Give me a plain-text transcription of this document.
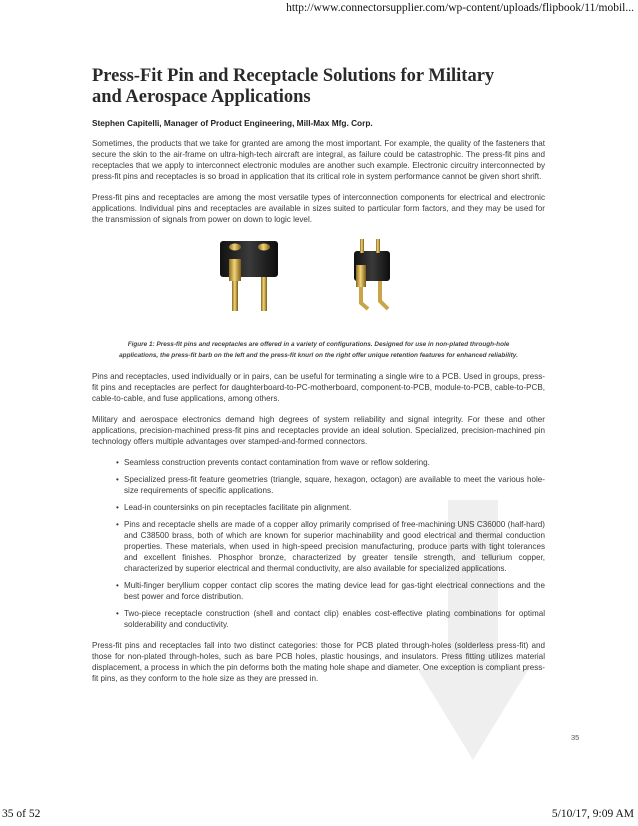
http://www.connectorsupplier.com/wp-content/uploads/flipbook/11/mobil...
Press-Fit Pin and Receptacle Solutions for Military
and Aerospace Applications
Stephen Capitelli, Manager of Product Engineering, Mill-Max Mfg. Corp.

Sometimes, the products that we take for granted are among the most important. For example, the quality of the fasteners that secure the skin to the air-frame on ultra-high-tech aircraft are integral, as failure could be catastrophic. The press-fit pins and receptacles that we apply to interconnect electronic modules are another such example. Electronic circuitry interconnected by press-fit pins and receptacles is so broad in application that its critical role in system performance cannot be given short shrift.

Press-fit pins and receptacles are among the most versatile types of interconnection components for electrical and electronic applications. Individual pins and receptacles are available in sizes suited to particular form factors, and they may be used for the transmission of signals from power on down to logic level.

Figure 1: Press-fit pins and receptacles are offered in a variety of configurations. Designed for use in non-plated through-hole applications, the press-fit barb on the left and the press-fit knurl on the right offer unique retention features for enhanced reliability.

Pins and receptacles, used individually or in pairs, can be useful for terminating a single wire to a PCB. Used in groups, press-fit pins and receptacles are perfect for daughterboard-to-PC-motherboard, component-to-PCB, module-to-PCB, cable-to-PCB, cable-to-cable, and fuse applications, among others.

Military and aerospace electronics demand high degrees of system reliability and signal integrity. For these and other applications, precision-machined press-fit pins and receptacles provide an ideal solution. Specialized, precision-machined pin technology offers multiple advantages over stamped-and-formed connectors.

• Seamless construction prevents contact contamination from wave or reflow soldering.
• Specialized press-fit feature geometries (triangle, square, hexagon, octagon) are available to meet the various hole-size requirements of specific applications.
• Lead-in countersinks on pin receptacles facilitate pin alignment.
• Pins and receptacle shells are made of a copper alloy primarily comprised of free-machining UNS C36000 (half-hard) and C38500 brass, both of which are known for superior machinability and good electrical and thermal conduction properties. These materials, when used in high-speed precision manufacturing, produce parts with tight tolerances and excellent finishes. Phosphor bronze, characterized by greater tensile strength, and tellurium copper, characterized by superior electrical and thermal conductivity, are also available for specialized applications.
• Multi-finger beryllium copper contact clip scores the mating device lead for gas-tight electrical connections and the best power and force distribution.
• Two-piece receptacle construction (shell and contact clip) enables cost-effective plating combinations for optimal solderability and conductivity.

Press-fit pins and receptacles fall into two distinct categories: those for PCB plated through-holes (solderless press-fit) and those for non-plated through-holes, such as bare PCB holes, plastic housings, and insulators. Press fitting utilizes material displacement, a process in which the pin deforms both the mating hole shape and diameter. One exception is compliant press-fit pins, as they conform to the hole size as they are pressed in.

35
35 of 52	5/10/17, 9:09 AM
